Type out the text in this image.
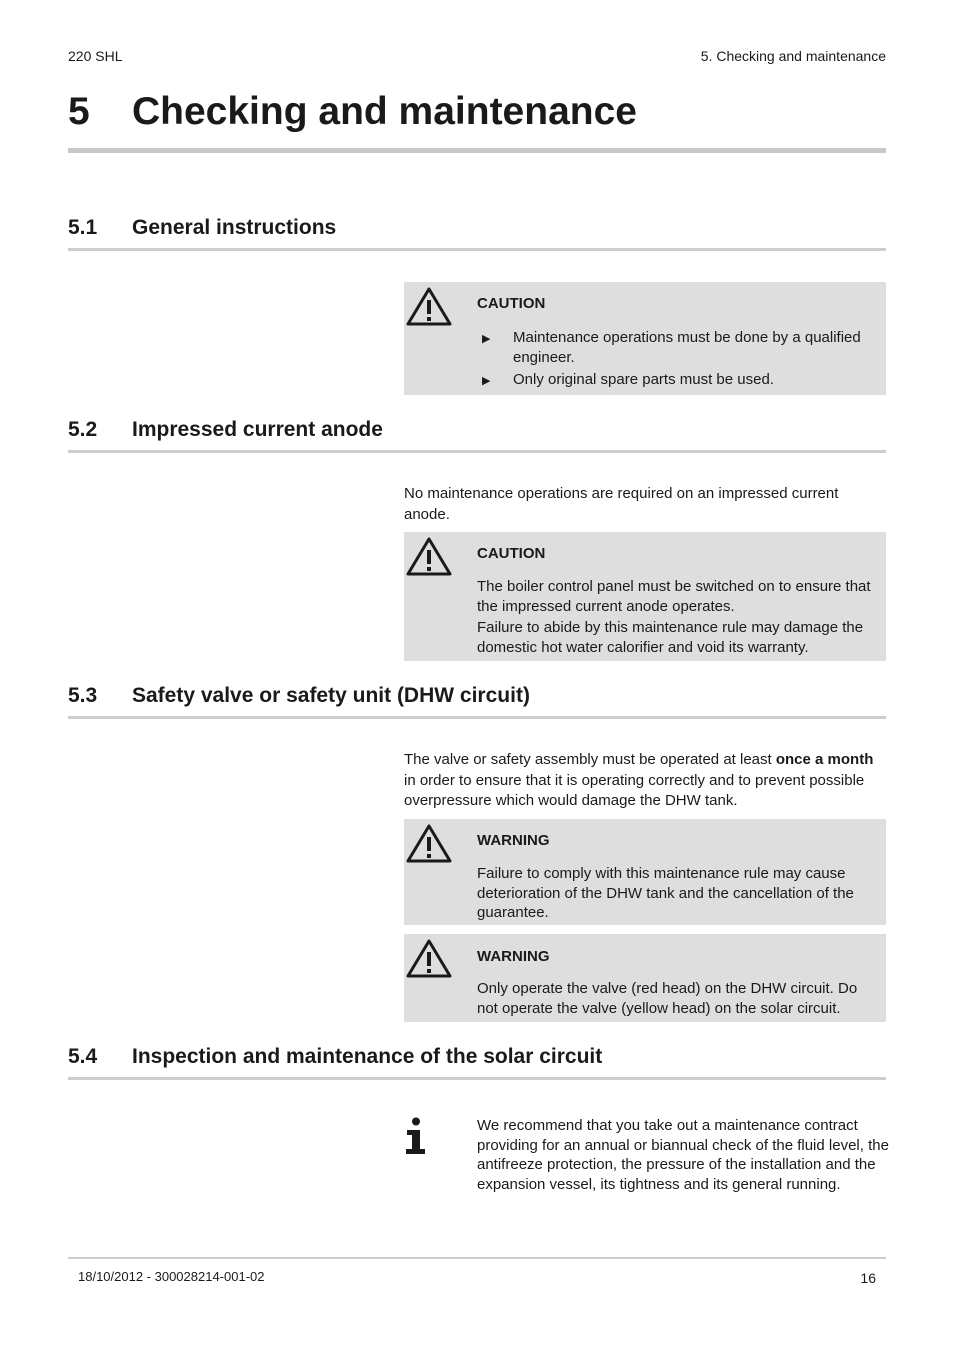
220 SHL	5. Checking and maintenance
5 Checking and maintenance
5.1 General instructions
CAUTION
▶ Maintenance operations must be done by a qualified engineer.
▶ Only original spare parts must be used.
5.2 Impressed current anode
No maintenance operations are required on an impressed current anode.
CAUTION
The boiler control panel must be switched on to ensure that the impressed current anode operates.
Failure to abide by this maintenance rule may damage the domestic hot water calorifier and void its warranty.
5.3 Safety valve or safety unit (DHW circuit)
The valve or safety assembly must be operated at least once a month in order to ensure that it is operating correctly and to prevent possible overpressure which would damage the DHW tank.
WARNING
Failure to comply with this maintenance rule may cause deterioration of the DHW tank and the cancellation of the guarantee.
WARNING
Only operate the valve (red head) on the DHW circuit. Do not operate the valve (yellow head) on the solar circuit.
5.4 Inspection and maintenance of the solar circuit
We recommend that you take out a maintenance contract providing for an annual or biannual check of the fluid level, the antifreeze protection, the pressure of the installation and the expansion vessel, its tightness and its general running.
18/10/2012 - 300028214-001-02	16
